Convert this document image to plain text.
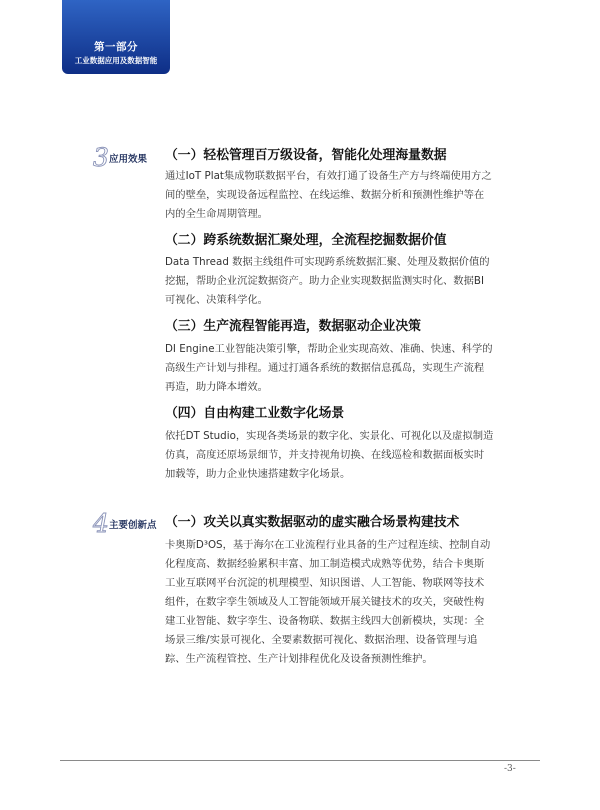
第一部分
工业数据应用及数据智能
3 应用效果 （一）轻松管理百万级设备，智能化处理海量数据
通过IoT Plat集成物联数据平台，有效打通了设备生产方与终端使用方之
间的壁垒，实现设备远程监控、在线运维、数据分析和预测性维护等在
内的全生命周期管理。
（二）跨系统数据汇聚处理，全流程挖掘数据价值
Data Thread 数据主线组件可实现跨系统数据汇聚、处理及数据价值的
挖掘，帮助企业沉淀数据资产。助力企业实现数据监测实时化、数据BI
可视化、决策科学化。
（三）生产流程智能再造，数据驱动企业决策
DI Engine工业智能决策引擎，帮助企业实现高效、准确、快速、科学的
高级生产计划与排程。通过打通各系统的数据信息孤岛，实现生产流程
再造，助力降本增效。
（四）自由构建工业数字化场景
依托DT Studio，实现各类场景的数字化、实景化、可视化以及虚拟制造
仿真，高度还原场景细节，并支持视角切换、在线巡检和数据面板实时
加载等，助力企业快速搭建数字化场景。
4 主要创新点 （一）攻关以真实数据驱动的虚实融合场景构建技术
卡奥斯D³OS，基于海尔在工业流程行业具备的生产过程连续、控制自动
化程度高、数据经验累积丰富、加工制造模式成熟等优势，结合卡奥斯
工业互联网平台沉淀的机理模型、知识图谱、人工智能、物联网等技术
组件，在数字孪生领域及人工智能领域开展关键技术的攻关，突破性构
建工业智能、数字孪生、设备物联、数据主线四大创新模块，实现：全
场景三维/实景可视化、全要素数据可视化、数据治理、设备管理与追
踪、生产流程管控、生产计划排程优化及设备预测性维护。
-3-
